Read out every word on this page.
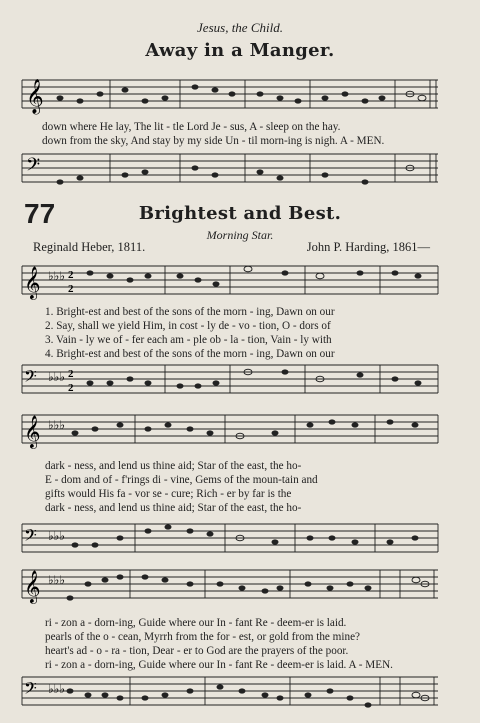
Jesus, the Child.
Away in a Manger.
𝄞
down where He lay, The lit - tle Lord Je - sus, A - sleep on the hay.
down from the sky, And stay by my side Un - til morn-ing is nigh. A - MEN.
𝄢
77	Brightest and Best.
Morning Star.
Reginald Heber, 1811.	John P. Harding, 1861—
𝄞 ♭♭♭ 2
2
1. Bright-est and best of the sons of the morn - ing, Dawn on our
2. Say, shall we yield Him, in cost - ly de - vo - tion, O - dors of
3. Vain - ly we of - fer each am - ple ob - la - tion, Vain - ly with
4. Bright-est and best of the sons of the morn - ing, Dawn on our
𝄢 ♭♭♭ 2
2
𝄞 ♭♭♭
dark - ness, and lend us thine aid; Star of the east, the ho-
E - dom and of - f'rings di - vine, Gems of the moun-tain and
gifts would His fa - vor se - cure; Rich - er by far is the
dark - ness, and lend us thine aid; Star of the east, the ho-
𝄢 ♭♭♭
𝄞 ♭♭♭
ri - zon a - dorn-ing, Guide where our In - fant Re - deem-er is laid.
pearls of the o - cean, Myrrh from the for - est, or gold from the mine?
heart's ad - o - ra - tion, Dear - er to God are the prayers of the poor.
ri - zon a - dorn-ing, Guide where our In - fant Re - deem-er is laid. A - MEN.
𝄢 ♭♭♭
